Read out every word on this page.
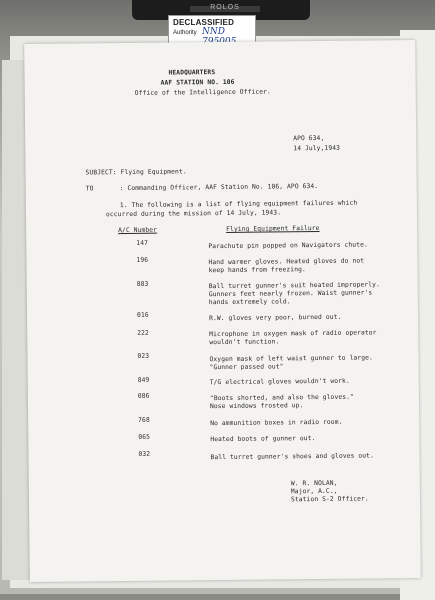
ROLOS
DECLASSIFIED
Authority NND
HEADQUARTERS
AAF STATION NO. 106
Office of the Intelligence Officer.
APO 634,
14 July,1943
SUBJECT: Flying Equipment.
TO	: Commanding Officer, AAF Station No. 106, APO 634.
1. The following is a list of flying equipment failures which
occurred during the mission of 14 July, 1943.
A/C Number	Flying Equipment Failure
147	Parachute pin popped on Navigators chute.
196	Hand warmer gloves. Heated gloves do not
keep hands from freezing.
883	Ball turret gunner's suit heated improperly.
Gunners feet nearly frozen. Waist gunner's
hands extremely cold.
016	R.W. gloves very poor, burned out.
222	Microphone in oxygen mask of radio operator
wouldn't function.
023	Oxygen mask of left waist gunner to large.
"Gunner passed out"
849	T/G electrical gloves wouldn't work.
086	"Boots shorted, and also the gloves."
Nose windows frosted up.
768	No ammunition boxes in radio room.
065	Heated boots of gunner out.
032	Ball turret gunner's shoes and gloves out.
W. R. NOLAN,
Major, A.C.,
Station S-2 Officer.
